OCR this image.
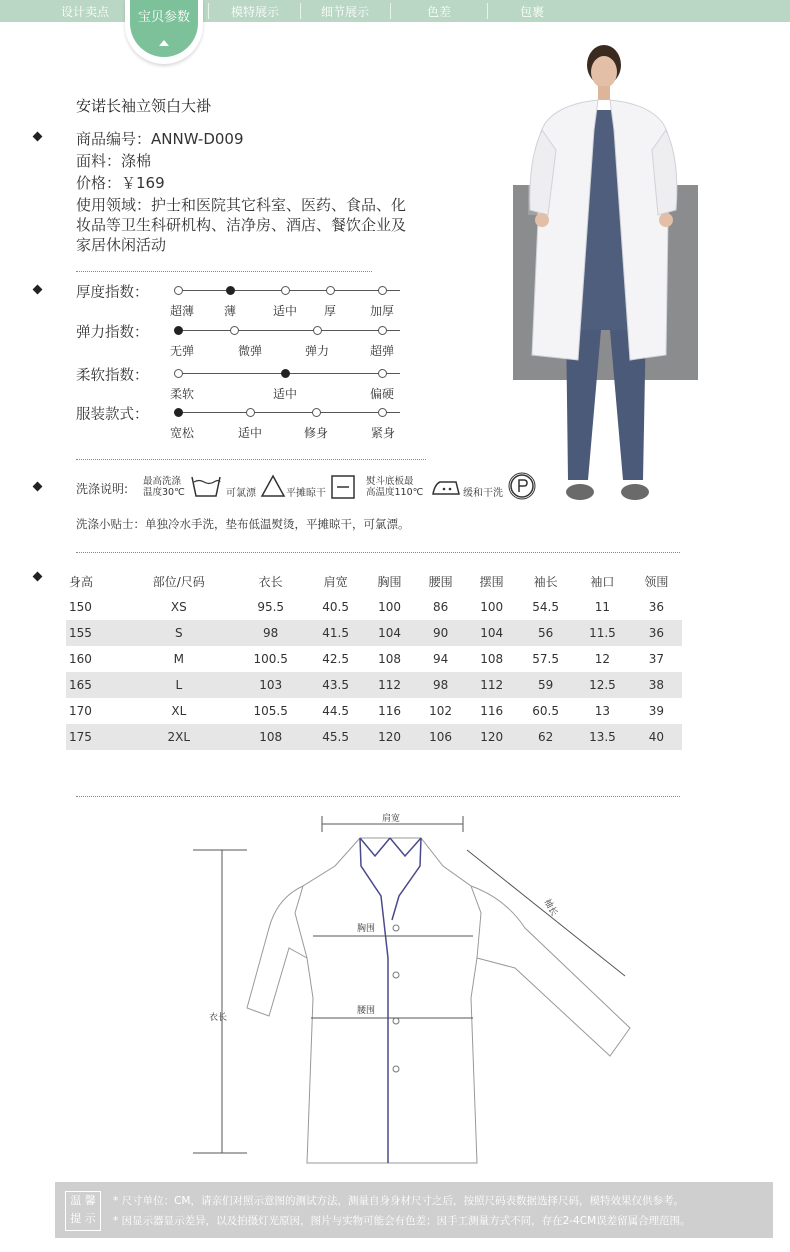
设计卖点	模特展示	细节展示	色差	包裹
宝贝参数
安诺长袖立领白大褂
商品编号：ANNW-D009
面料：涤棉
价格：￥169
使用领域：护士和医院其它科室、医药、食品、化
妆品等卫生科研机构、洁净房、酒店、餐饮企业及
家居休闲活动
厚度指数：
超薄	薄	适中	厚	加厚
弹力指数：
无弹	微弹	弹力	超弹
柔软指数：
柔软	适中	偏硬
服装款式：
宽松	适中	修身	紧身
洗涤说明:
最高洗涤
温度30℃	可氯漂	平摊晾干
熨斗底板最
高温度110℃	缓和干洗
洗涤小贴士：单独冷水手洗，垫布低温熨烫，平摊晾干，可氯漂。
身高	部位/尺码	衣长	肩宽	胸围	腰围	摆围	袖长	袖口	领围
150	XS	95.5	40.5	100	86	100	54.5	11	36
155	S	98	41.5	104	90	104	56	11.5	36
160	M	100.5	42.5	108	94	108	57.5	12	37
165	L	103	43.5	112	98	112	59	12.5	38
170	XL	105.5	44.5	116	102	116	60.5	13	39
175	2XL	108	45.5	120	106	120	62	13.5	40
肩宽
胸围
腰围
衣长
袖长
温 馨
提 示
* 尺寸单位：CM，请亲们对照示意图的测试方法，测量自身身材尺寸之后，按照尺码表数据选择尺码，模特效果仅供参考。
* 因显示器显示差异，以及拍摄灯光原因，图片与实物可能会有色差；因手工测量方式不同，存在2-4CM误差留属合理范围。
